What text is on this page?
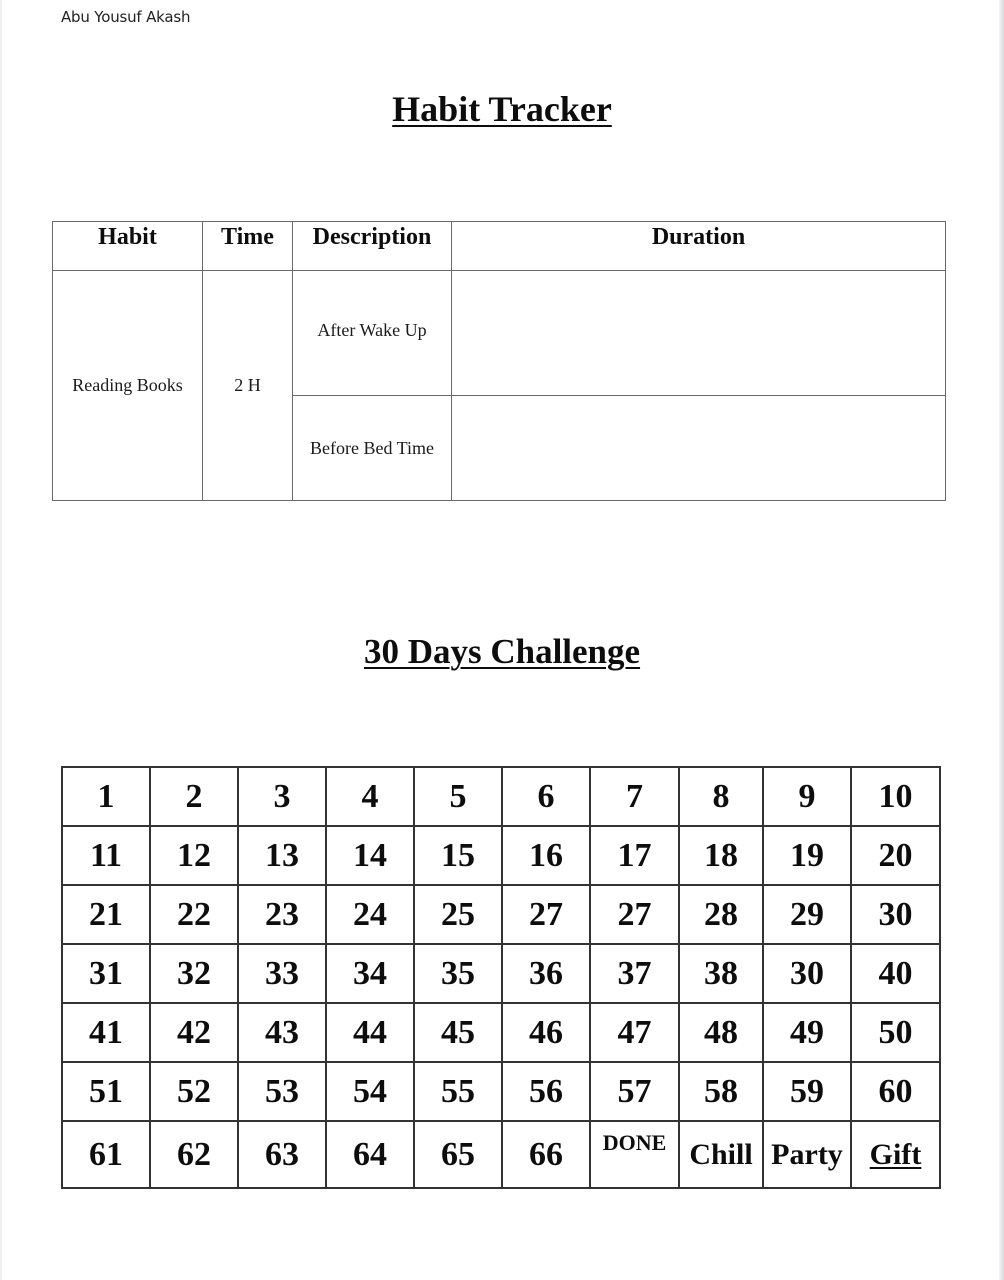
Abu Yousuf Akash
Habit Tracker
Habit	Time	Description	Duration
Reading Books	2 H	After Wake Up	
		Before Bed Time	
30 Days Challenge
1	2	3	4	5	6	7	8	9	10
11	12	13	14	15	16	17	18	19	20
21	22	23	24	25	27	27	28	29	30
31	32	33	34	35	36	37	38	30	40
41	42	43	44	45	46	47	48	49	50
51	52	53	54	55	56	57	58	59	60
61	62	63	64	65	66	DONE	Chill	Party	Gift
